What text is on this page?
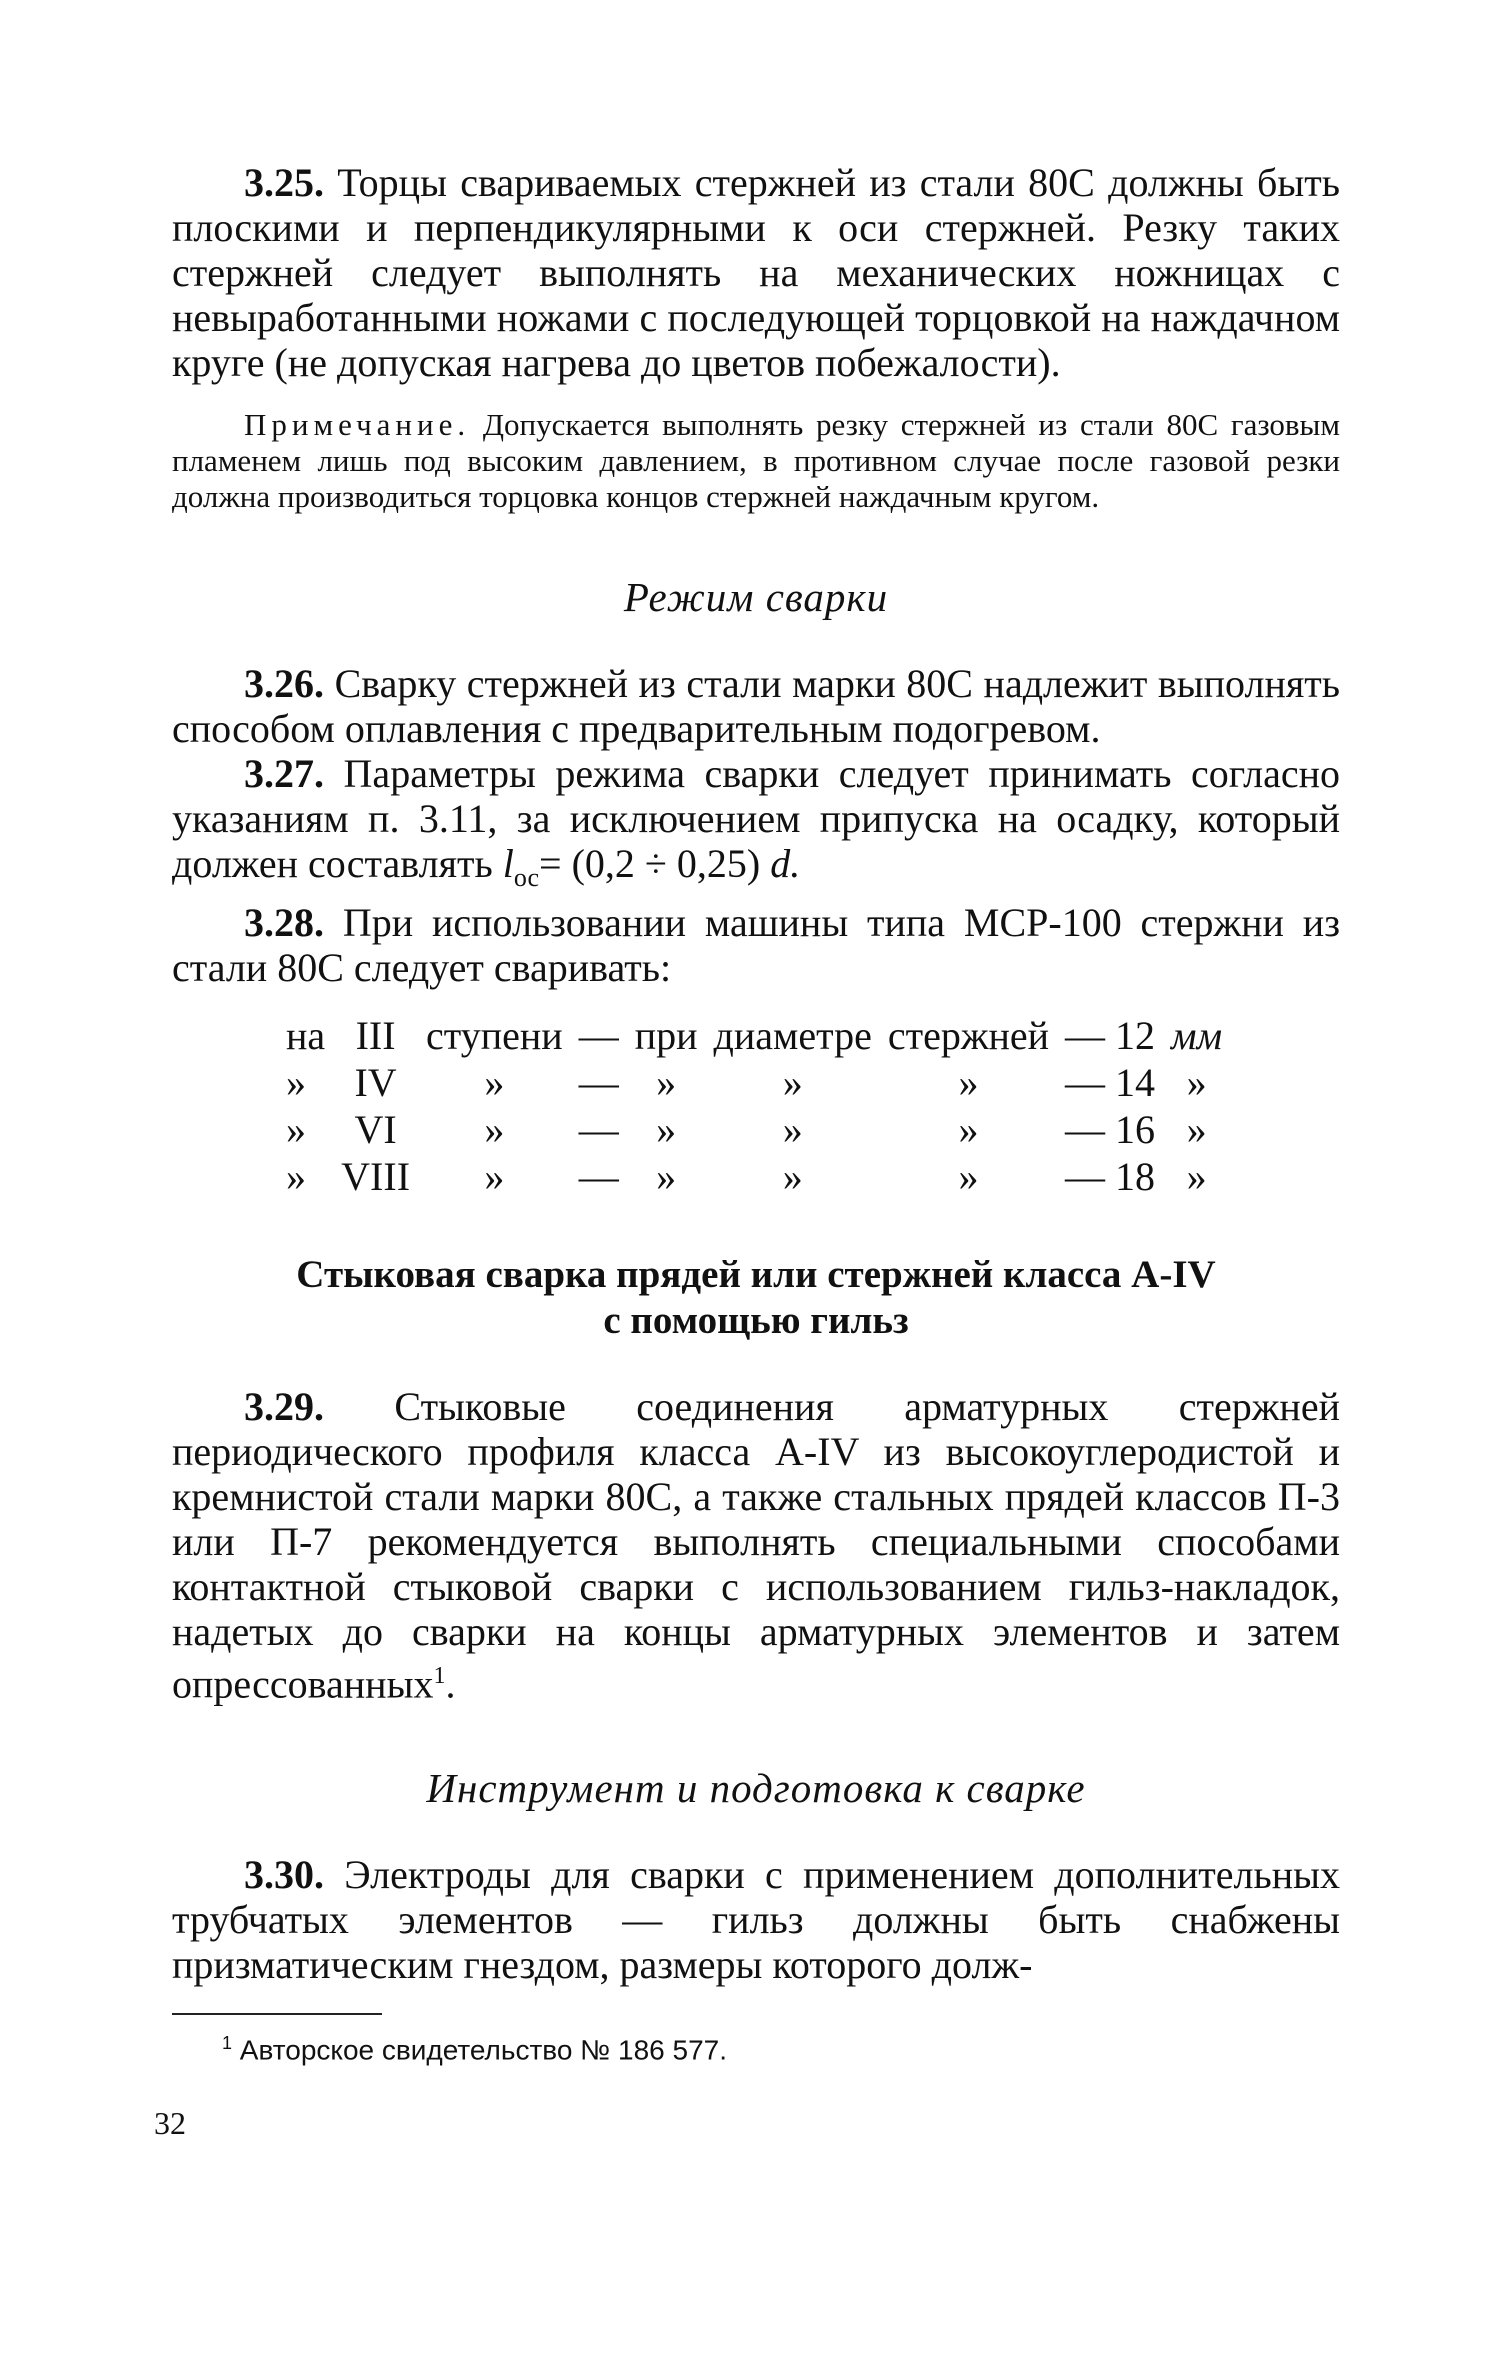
3.25. Торцы свариваемых стержней из стали 80С должны быть плоскими и перпендикулярными к оси стержней. Резку таких стержней следует выполнять на механических ножницах с невыработанными ножами с последующей торцовкой на наждачном круге (не допуская нагрева до цветов побежалости).

Примечание. Допускается выполнять резку стержней из стали 80С газовым пламенем лишь под высоким давлением, в противном случае после газовой резки должна производиться торцовка концов стержней наждачным кругом.

Режим сварки

3.26. Сварку стержней из стали марки 80С надлежит выполнять способом оплавления с предварительным подогревом.

3.27. Параметры режима сварки следует принимать согласно указаниям п. 3.11, за исключением припуска на осадку, который должен составлять $l_{ос}= (0,2 \div 0,25)$ d.

3.28. При использовании машины типа МСР-100 стержни из стали 80С следует сваривать:

на	III	ступени	—	при	диаметре	стержней	— 12	мм
»	IV	»	—	»	»	»	— 14	»
»	VI	»	—	»	»	»	— 16	»
»	VIII	»	—	»	»	»	— 18	»
Стыковая сварка прядей или стержней класса А-IV
с помощью гильз

3.29. Стыковые соединения арматурных стержней периодического профиля класса А-IV из высокоуглеродистой и кремнистой стали марки 80С, а также стальных прядей классов П-3 или П-7 рекомендуется выполнять специальными способами контактной стыковой сварки с использованием гильз-накладок, надетых до сварки на концы арматурных элементов и затем опрессованных$^1$.

Инструмент и подготовка к сварке

3.30. Электроды для сварки с применением дополнительных трубчатых элементов — гильз должны быть снабжены призматическим гнездом, размеры которого долж-

$^1$ Авторское свидетельство № 186 577.
32
